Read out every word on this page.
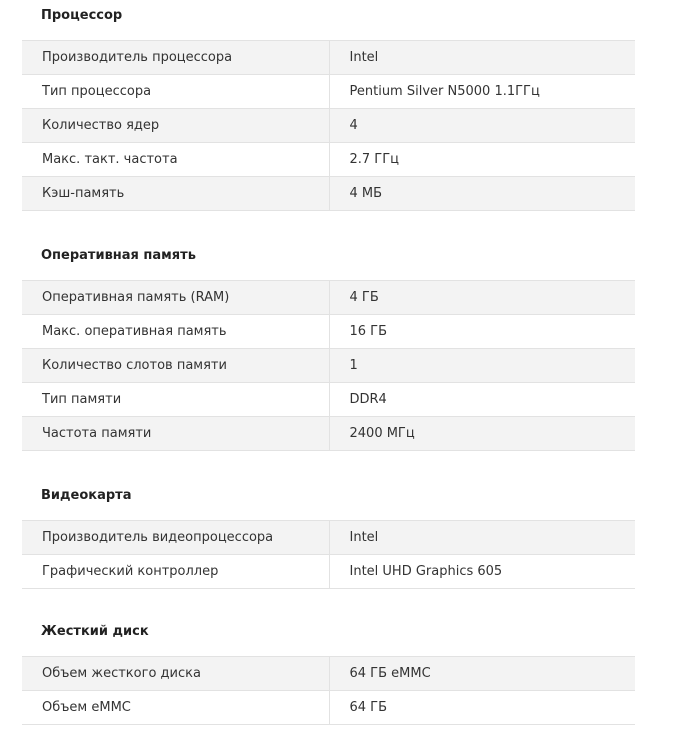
Процессор
Производитель процессора	Intel
Тип процессора	Pentium Silver N5000 1.1ГГц
Количество ядер	4
Макс. такт. частота	2.7 ГГц
Кэш-память	4 МБ
Оперативная память
Оперативная память (RAM)	4 ГБ
Макс. оперативная память	16 ГБ
Количество слотов памяти	1
Тип памяти	DDR4
Частота памяти	2400 МГц
Видеокарта
Производитель видеопроцессора	Intel
Графический контроллер	Intel UHD Graphics 605
Жесткий диск
Объем жесткого диска	64 ГБ eMMC
Объем eMMC	64 ГБ
